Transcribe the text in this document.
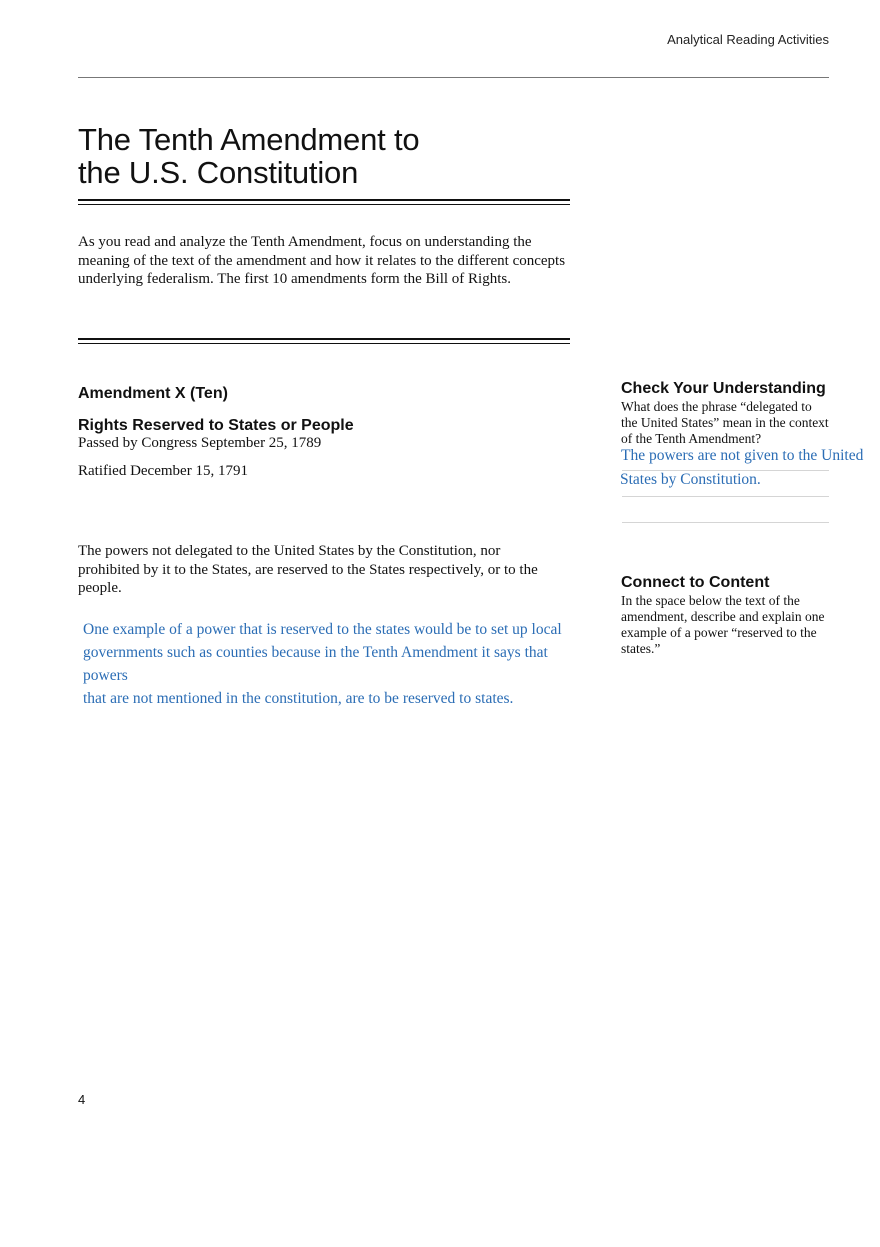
Analytical Reading Activities
The Tenth Amendment to
the U.S. Constitution

As you read and analyze the Tenth Amendment, focus on understanding the meaning of the text of the amendment and how it relates to the different concepts underlying federalism. The first 10 amendments form the Bill of Rights.

Amendment X (Ten)
Rights Reserved to States or People
Passed by Congress September 25, 1789
Ratified December 15, 1791

The powers not delegated to the United States by the Constitution, nor prohibited by it to the States, are reserved to the States respectively, or to the people.

One example of a power that is reserved to the states would be to set up local
governments such as counties because in the Tenth Amendment it says that powers
that are not mentioned in the constitution, are to be reserved to states.

Check Your Understanding

What does the phrase “delegated to the United States” mean in the context of the Tenth Amendment?

The powers are not given to the United
States by Constitution.
Connect to Content

In the space below the text of the amendment, describe and explain one example of a power “reserved to the states.”

4
